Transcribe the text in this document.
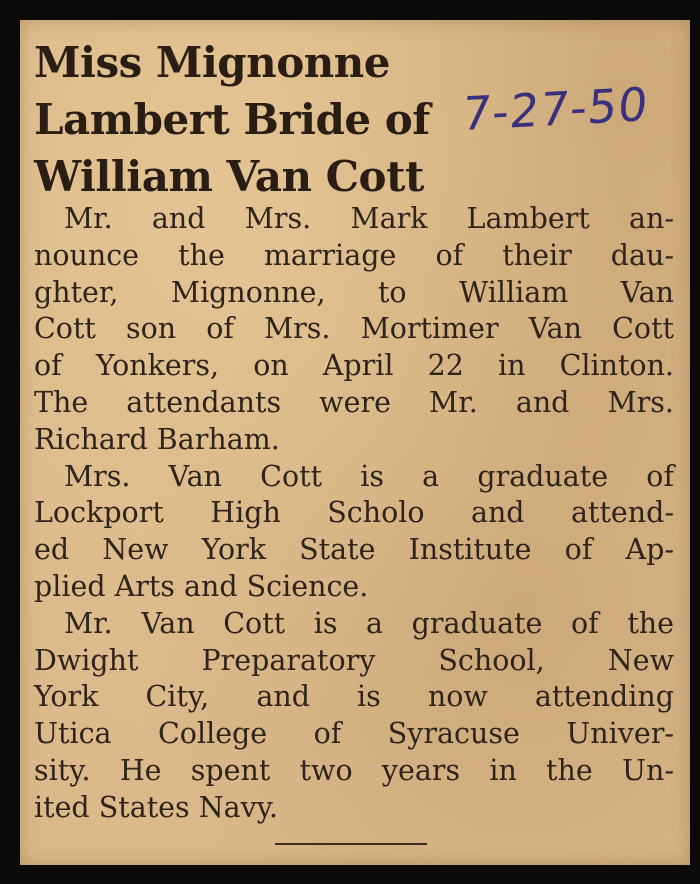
Miss Mignonne
Lambert Bride of
William Van Cott
7-27-50
Mr. and Mrs. Mark Lambert an-
nounce the marriage of their dau-
ghter, Mignonne, to William Van
Cott son of Mrs. Mortimer Van Cott
of Yonkers, on April 22 in Clinton.
The attendants were Mr. and Mrs.
Richard Barham.
Mrs. Van Cott is a graduate of
Lockport High Scholo and attend-
ed New York State Institute of Ap-
plied Arts and Science.
Mr. Van Cott is a graduate of the
Dwight Preparatory School, New
York City, and is now attending
Utica College of Syracuse Univer-
sity. He spent two years in the Un-
ited States Navy.
